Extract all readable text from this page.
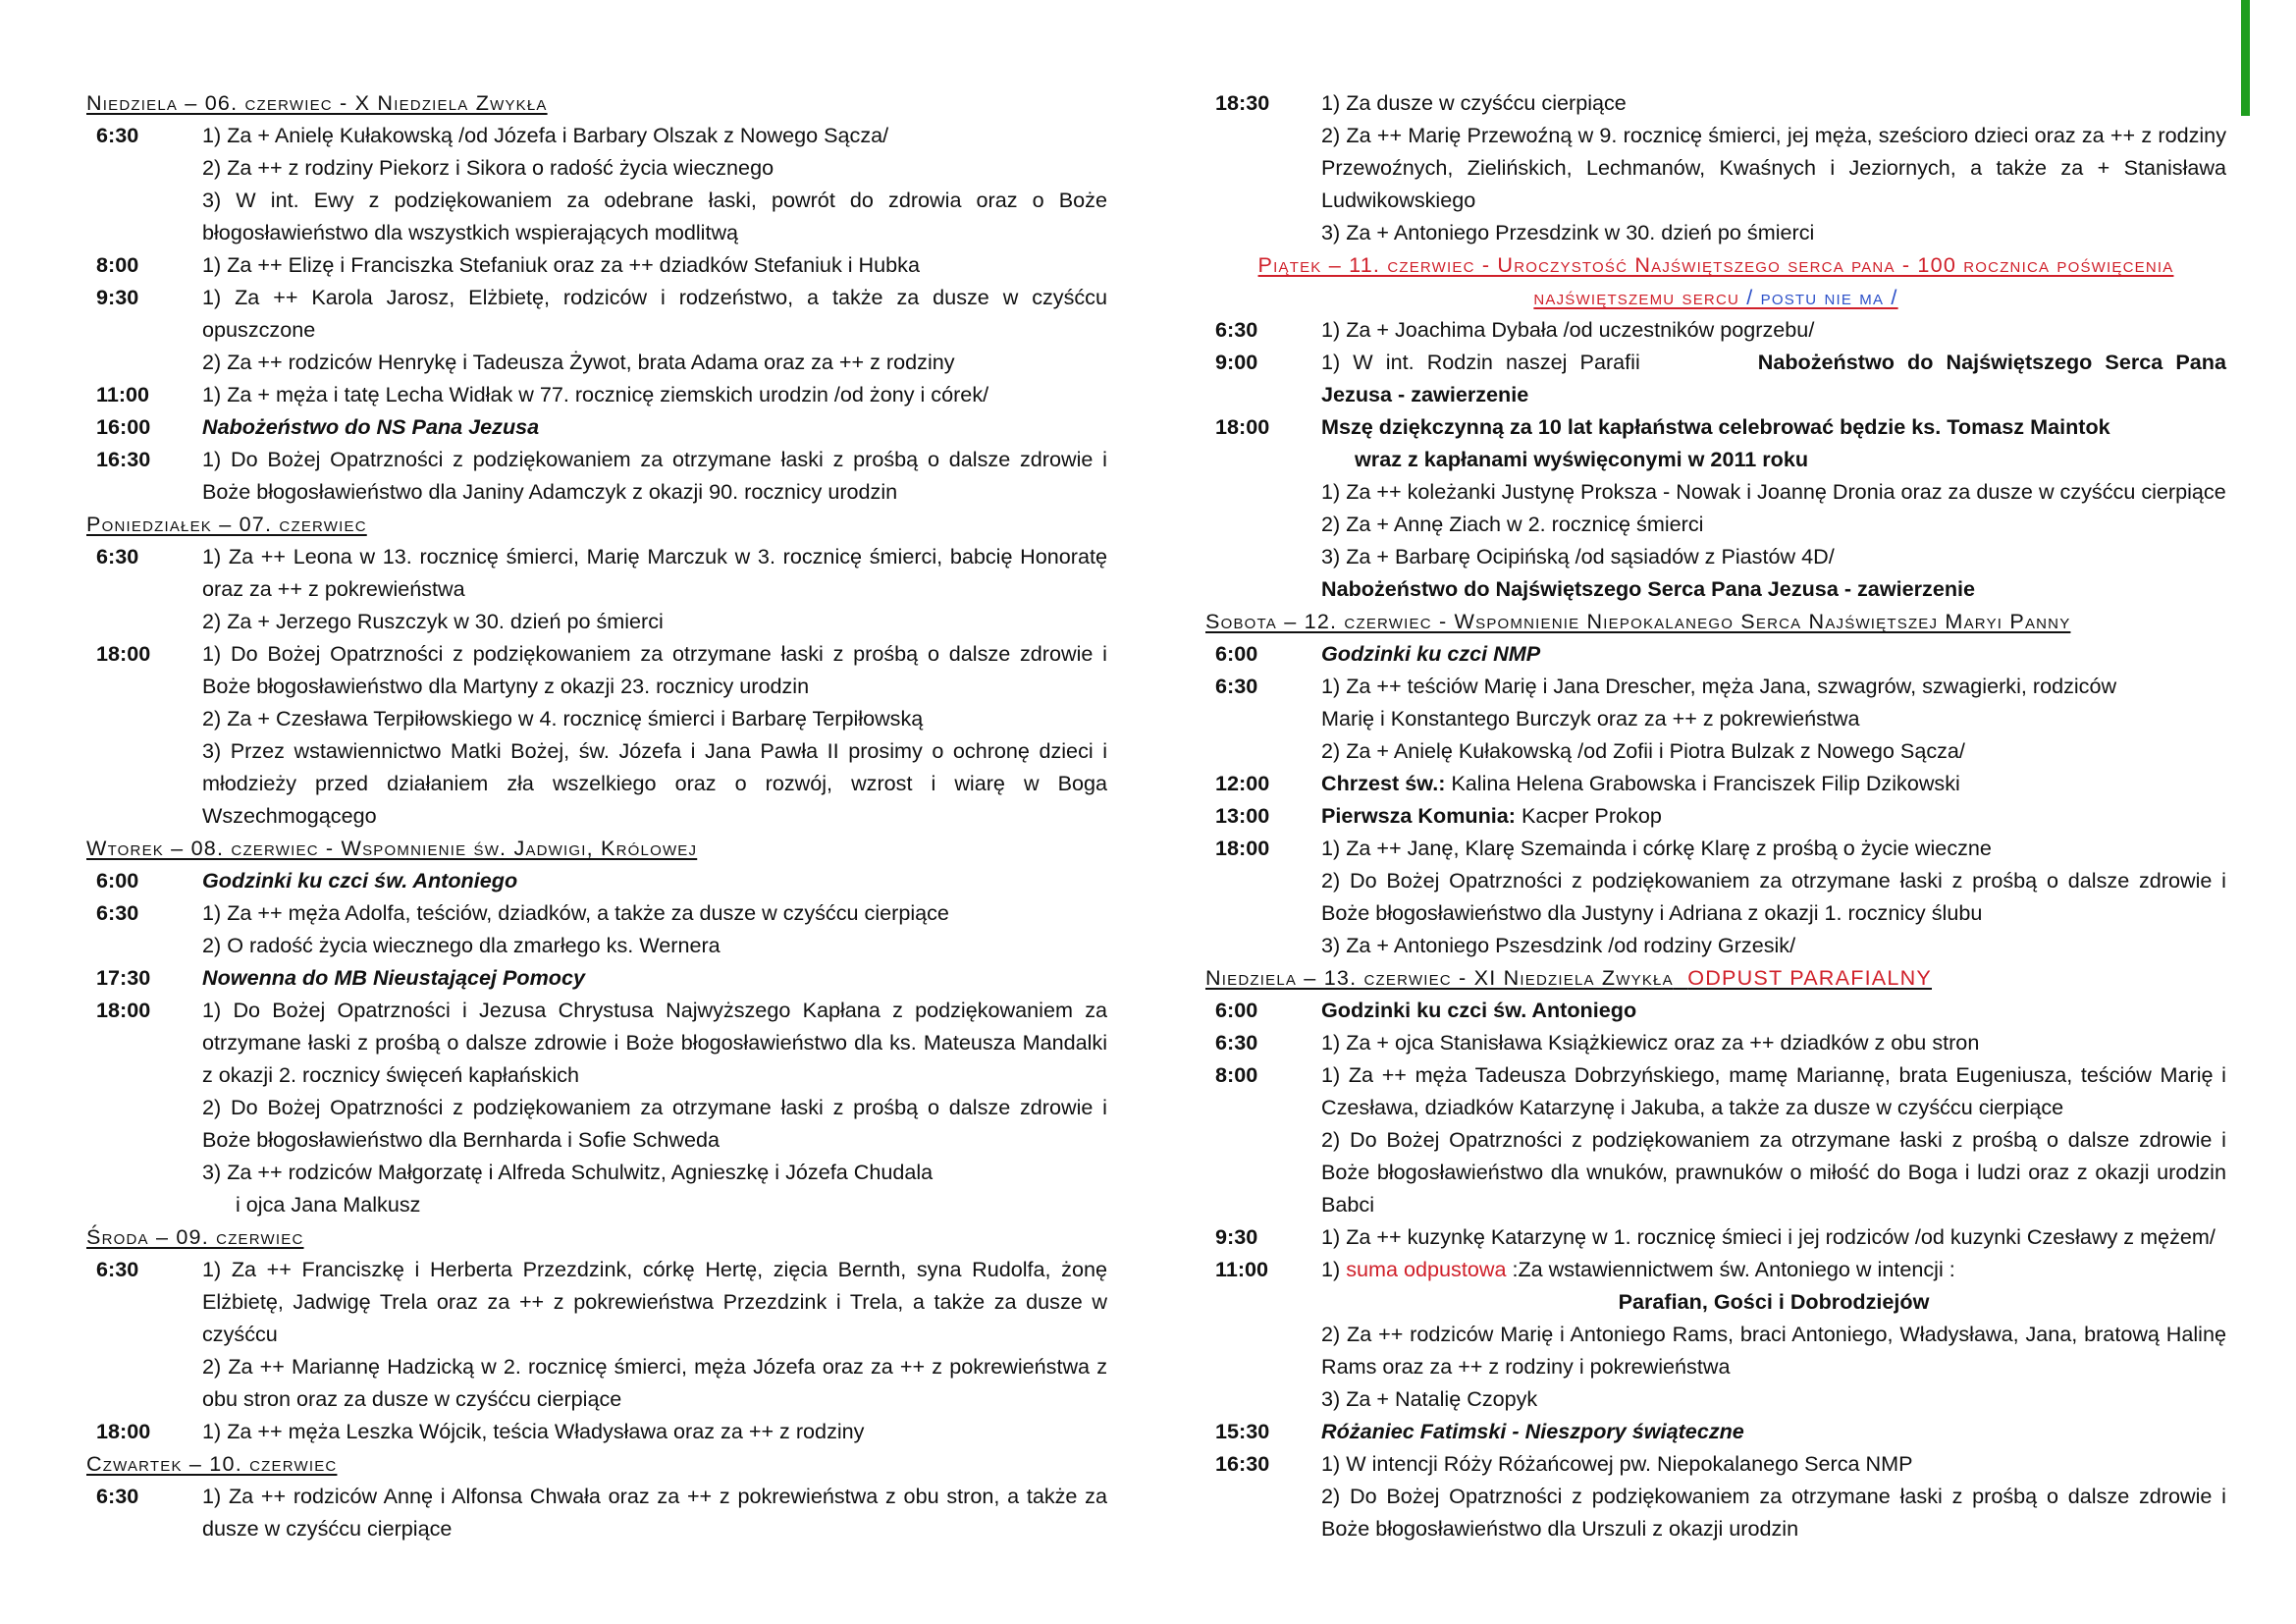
Niedziela – 06. czerwiec - X Niedziela Zwykła
6:30	1) Za + Anielę Kułakowską /od Józefa i Barbary Olszak z Nowego Sącza/
2) Za ++ z rodziny Piekorz i Sikora o radość życia wiecznego
3) W int. Ewy z podziękowaniem za odebrane łaski, powrót do zdrowia oraz o Boże błogosławieństwo dla wszystkich wspierających modlitwą
8:00	1) Za ++ Elizę i Franciszka Stefaniuk oraz za ++ dziadków Stefaniuk i Hubka
9:30	1) Za ++ Karola Jarosz, Elżbietę, rodziców i rodzeństwo, a także za dusze w czyśćcu opuszczone
2) Za ++ rodziców Henrykę i Tadeusza Żywot, brata Adama oraz za ++ z rodziny
11:00	1) Za + męża i tatę Lecha Widłak w 77. rocznicę ziemskich urodzin /od żony i córek/
16:00	Nabożeństwo do NS Pana Jezusa
16:30	1) Do Bożej Opatrzności z podziękowaniem za otrzymane łaski z prośbą o dalsze zdrowie i Boże błogosławieństwo dla Janiny Adamczyk z okazji 90. rocznicy urodzin
Poniedziałek – 07. czerwiec
6:30	1) Za ++ Leona w 13. rocznicę śmierci, Marię Marczuk w 3. rocznicę śmierci, babcię Honoratę oraz za ++ z pokrewieństwa
2) Za + Jerzego Ruszczyk w 30. dzień po śmierci
18:00	1) Do Bożej Opatrzności z podziękowaniem za otrzymane łaski z prośbą o dalsze zdrowie i Boże błogosławieństwo dla Martyny z okazji 23. rocznicy urodzin
2) Za + Czesława Terpiłowskiego w 4. rocznicę śmierci i Barbarę Terpiłowską
3) Przez wstawiennictwo Matki Bożej, św. Józefa i Jana Pawła II prosimy o ochronę dzieci i młodzieży przed działaniem zła wszelkiego oraz o rozwój, wzrost i wiarę w Boga Wszechmogącego
Wtorek – 08. czerwiec - Wspomnienie św. Jadwigi, Królowej
6:00	Godzinki ku czci św. Antoniego
6:30	1) Za ++ męża Adolfa, teściów, dziadków, a także za dusze w czyśćcu cierpiące
2) O radość życia wiecznego dla zmarłego ks. Wernera
17:30	Nowenna do MB Nieustającej Pomocy
18:00	1) Do Bożej Opatrzności i Jezusa Chrystusa Najwyższego Kapłana z podziękowaniem za otrzymane łaski z prośbą o dalsze zdrowie i Boże błogosławieństwo dla ks. Mateusza Mandalki z okazji 2. rocznicy święceń kapłańskich
2) Do Bożej Opatrzności z podziękowaniem za otrzymane łaski z prośbą o dalsze zdrowie i Boże błogosławieństwo dla Bernharda i Sofie Schweda
3) Za ++ rodziców Małgorzatę i Alfreda Schulwitz, Agnieszkę i Józefa Chudala
i ojca Jana Malkusz
Środa – 09. czerwiec
6:30	1) Za ++ Franciszkę i Herberta Przezdzink, córkę Hertę, zięcia Bernth, syna Rudolfa, żonę Elżbietę, Jadwigę Trela oraz za ++ z pokrewieństwa Przezdzink i Trela, a także za dusze w czyśćcu
2) Za ++ Mariannę Hadzicką w 2. rocznicę śmierci, męża Józefa oraz za ++ z pokrewieństwa z obu stron oraz za dusze w czyśćcu cierpiące
18:00	1) Za ++ męża Leszka Wójcik, teścia Władysława oraz za ++ z rodziny
Czwartek – 10. czerwiec
6:30	1) Za ++ rodziców Annę i Alfonsa Chwała oraz za ++ z pokrewieństwa z obu stron, a także za dusze w czyśćcu cierpiące
18:30	1) Za dusze w czyśćcu cierpiące
2) Za ++ Marię Przewoźną w 9. rocznicę śmierci, jej męża, sześcioro dzieci oraz za ++ z rodziny Przewoźnych, Zielińskich, Lechmanów, Kwaśnych i Jeziornych, a także za + Stanisława Ludwikowskiego
3) Za + Antoniego Przesdzink w 30. dzień po śmierci
Piątek – 11. czerwiec - Uroczystość Najświętszego serca pana - 100 rocznica poświęcenia
najświętszemu sercu / postu nie ma /
6:30	1) Za + Joachima Dybała /od uczestników pogrzebu/
9:00	1) W int. Rodzin naszej Parafii	Nabożeństwo do Najświętszego Serca Pana Jezusa - zawierzenie
18:00	Mszę dziękczynną za 10 lat kapłaństwa celebrować będzie ks. Tomasz Maintok
wraz z kapłanami wyświęconymi w 2011 roku
1) Za ++ koleżanki Justynę Proksza - Nowak i Joannę Dronia oraz za dusze w czyśćcu cierpiące
2) Za + Annę Ziach w 2. rocznicę śmierci
3) Za + Barbarę Ocipińską /od sąsiadów z Piastów 4D/
Nabożeństwo do Najświętszego Serca Pana Jezusa - zawierzenie
Sobota – 12. czerwiec - Wspomnienie Niepokalanego Serca Najświętszej Maryi Panny
6:00	Godzinki ku czci NMP
6:30	1) Za ++ teściów Marię i Jana Drescher, męża Jana, szwagrów, szwagierki, rodziców
Marię i Konstantego Burczyk oraz za ++ z pokrewieństwa
2) Za + Anielę Kułakowską /od Zofii i Piotra Bulzak z Nowego Sącza/
12:00	Chrzest św.: Kalina Helena Grabowska i Franciszek Filip Dzikowski
13:00	Pierwsza Komunia: Kacper Prokop
18:00	1) Za ++ Janę, Klarę Szemainda i córkę Klarę z prośbą o życie wieczne
2) Do Bożej Opatrzności z podziękowaniem za otrzymane łaski z prośbą o dalsze zdrowie i Boże błogosławieństwo dla Justyny i Adriana z okazji 1. rocznicy ślubu
3) Za + Antoniego Pszesdzink /od rodziny Grzesik/
Niedziela – 13. czerwiec - XI Niedziela Zwykła ODPUST PARAFIALNY
6:00	Godzinki ku czci św. Antoniego
6:30	1) Za + ojca Stanisława Książkiewicz oraz za ++ dziadków z obu stron
8:00	1) Za ++ męża Tadeusza Dobrzyńskiego, mamę Mariannę, brata Eugeniusza, teściów Marię i Czesława, dziadków Katarzynę i Jakuba, a także za dusze w czyśćcu cierpiące
2) Do Bożej Opatrzności z podziękowaniem za otrzymane łaski z prośbą o dalsze zdrowie i Boże błogosławieństwo dla wnuków, prawnuków o miłość do Boga i ludzi oraz z okazji urodzin Babci
9:30	1) Za ++ kuzynkę Katarzynę w 1. rocznicę śmieci i jej rodziców /od kuzynki Czesławy z mężem/
11:00	1) suma odpustowa :Za wstawiennictwem św. Antoniego w intencji :
Parafian, Gości i Dobrodziejów
2) Za ++ rodziców Marię i Antoniego Rams, braci Antoniego, Władysława, Jana, bratową Halinę Rams oraz za ++ z rodziny i pokrewieństwa
3) Za + Natalię Czopyk
15:30	Różaniec Fatimski - Nieszpory świąteczne
16:30	1) W intencji Róży Różańcowej pw. Niepokalanego Serca NMP
2) Do Bożej Opatrzności z podziękowaniem za otrzymane łaski z prośbą o dalsze zdrowie i Boże błogosławieństwo dla Urszuli z okazji urodzin
